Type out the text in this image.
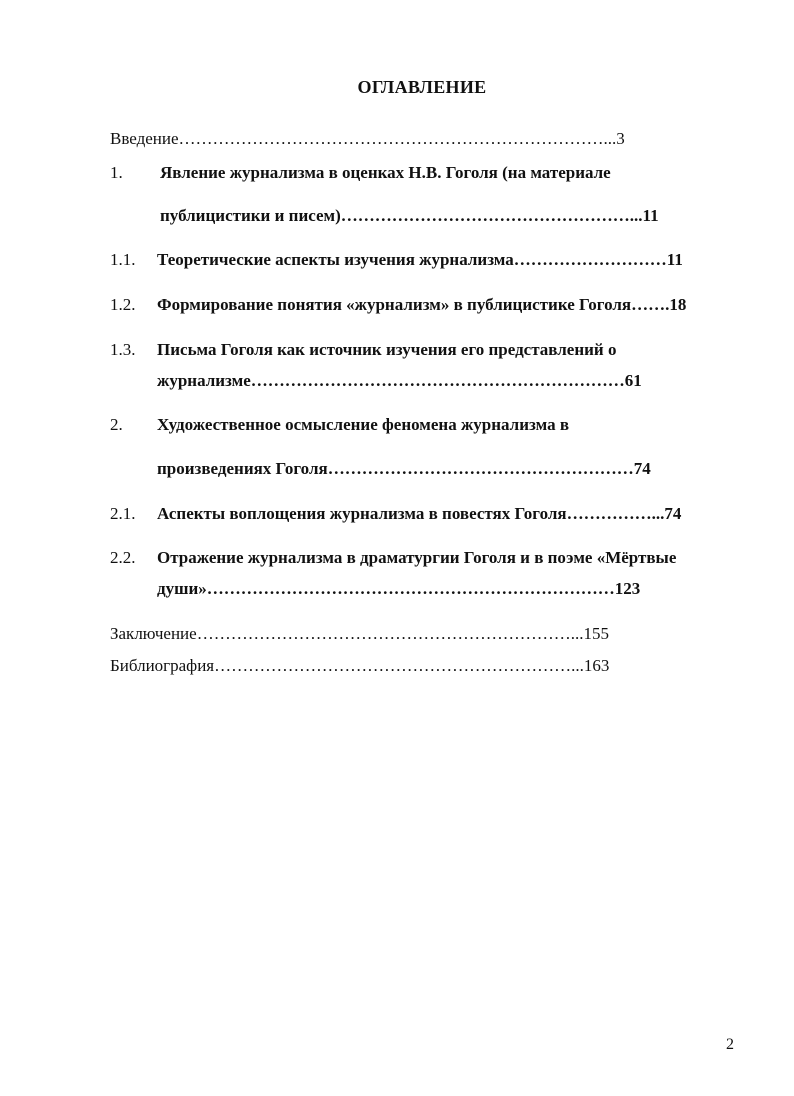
ОГЛАВЛЕНИЕ
Введение…………………………………………………………………...3
1. Явление журнализма в оценках Н.В. Гоголя (на материале
публицистики и писем)……………………………………………...11
1.1. Теоретические аспекты изучения журнализма………………………11
1.2. Формирование понятия «журнализм» в публицистике Гоголя…….18
1.3. Письма Гоголя как источник изучения его представлений о
журнализме…………………………………………………………61
2. Художественное осмысление феномена журнализма в
произведениях Гоголя………………………………………………74
2.1. Аспекты воплощения журнализма в повестях Гоголя……………...74
2.2. Отражение журнализма в драматургии Гоголя и в поэме «Мёртвые
души»………………………………………………………………123
Заключение…………………………………………………………...155
Библиография………………………………………………………...163
2
